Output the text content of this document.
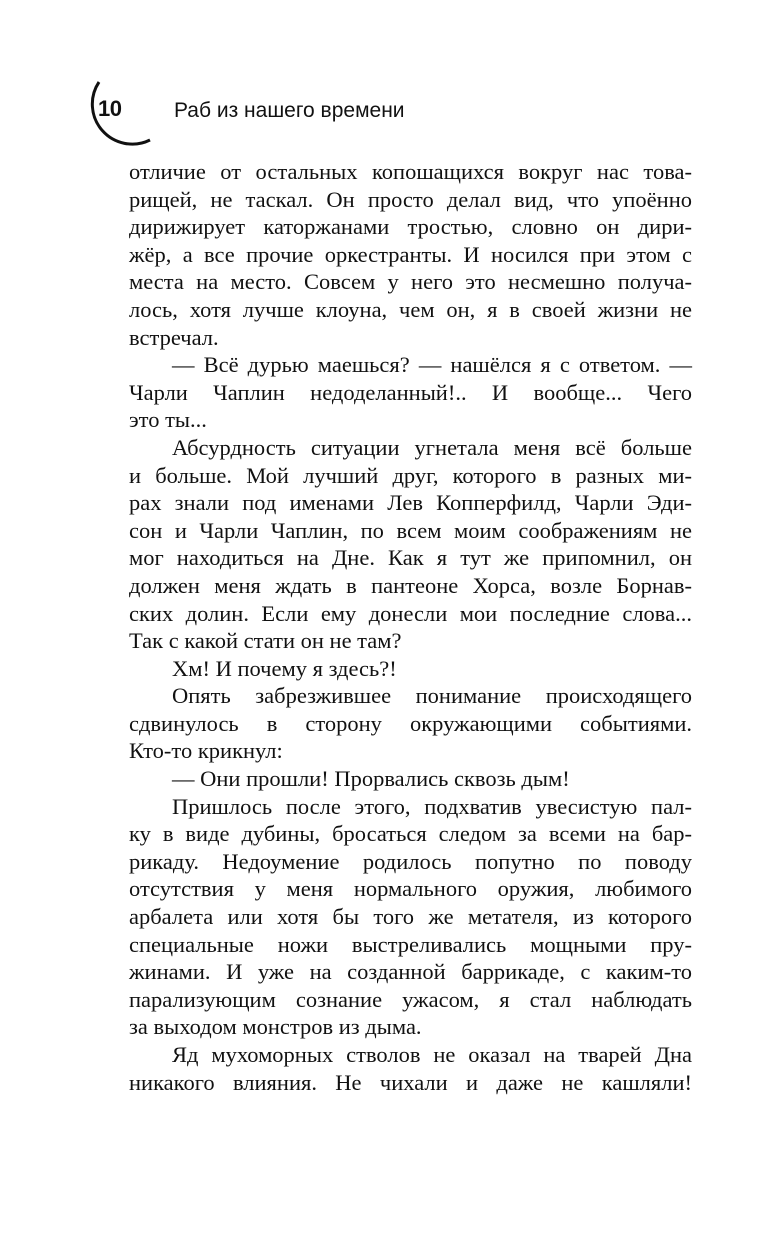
10	Раб из нашего времени
отличие от остальных копошащихся вокруг нас това-
рищей, не таскал. Он просто делал вид, что упоённо
дирижирует каторжанами тростью, словно он дири-
жёр, а все прочие оркестранты. И носился при этом с
места на место. Совсем у него это несмешно получа-
лось, хотя лучше клоуна, чем он, я в своей жизни не
встречал.
— Всё дурью маешься? — нашёлся я с ответом. —
Чарли Чаплин недоделанный!.. И вообще... Чего
это ты...
Абсурдность ситуации угнетала меня всё больше
и больше. Мой лучший друг, которого в разных ми-
рах знали под именами Лев Копперфилд, Чарли Эди-
сон и Чарли Чаплин, по всем моим соображениям не
мог находиться на Дне. Как я тут же припомнил, он
должен меня ждать в пантеоне Хорса, возле Борнав-
ских долин. Если ему донесли мои последние слова...
Так с какой стати он не там?
Хм! И почему я здесь?!
Опять забрезжившее понимание происходящего
сдвинулось в сторону окружающими событиями.
Кто-то крикнул:
— Они прошли! Прорвались сквозь дым!
Пришлось после этого, подхватив увесистую пал-
ку в виде дубины, бросаться следом за всеми на бар-
рикаду. Недоумение родилось попутно по поводу
отсутствия у меня нормального оружия, любимого
арбалета или хотя бы того же метателя, из которого
специальные ножи выстреливались мощными пру-
жинами. И уже на созданной баррикаде, с каким-то
парализующим сознание ужасом, я стал наблюдать
за выходом монстров из дыма.
Яд мухоморных стволов не оказал на тварей Дна
никакого влияния. Не чихали и даже не кашляли!
